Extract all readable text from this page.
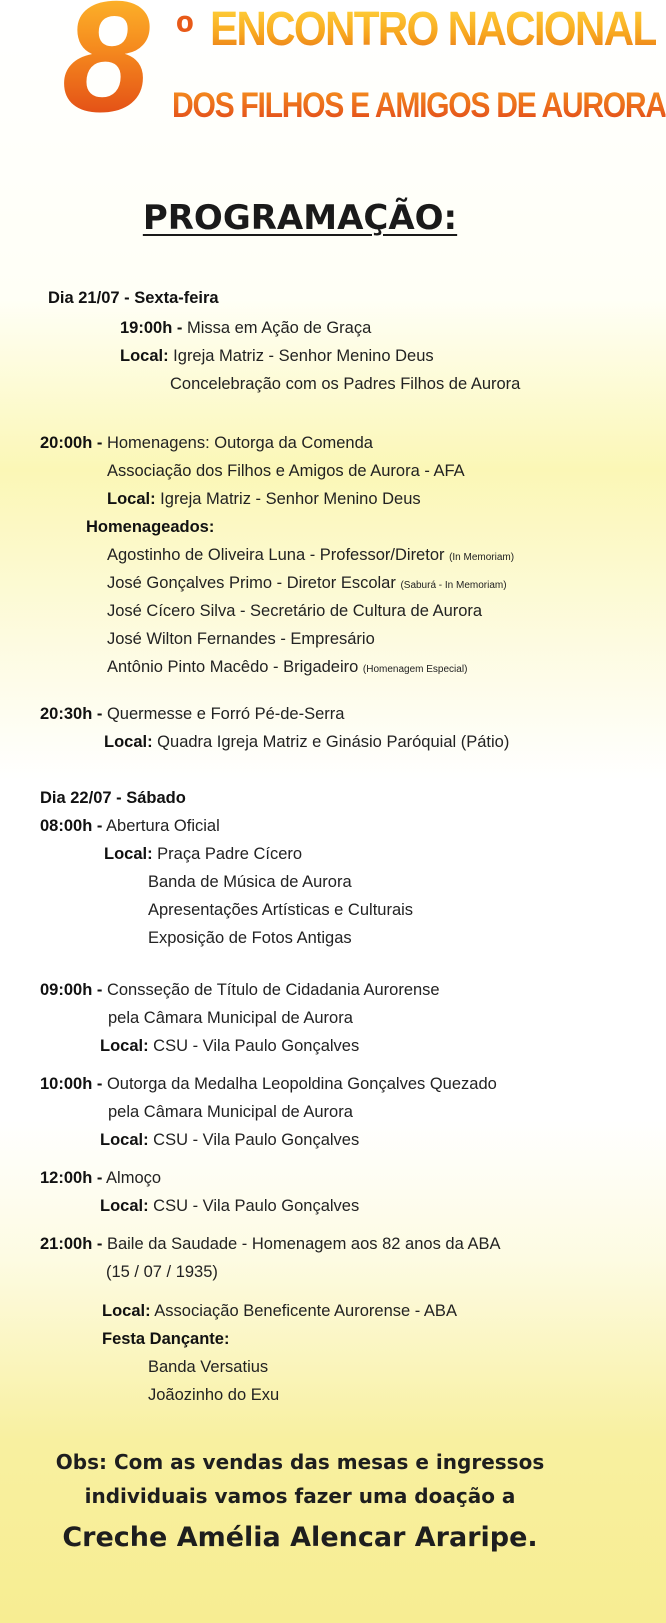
8 º ENCONTRO NACIONAL
DOS FILHOS E AMIGOS DE AURORA
PROGRAMAÇÃO:
Dia 21/07 - Sexta-feira
19:00h - Missa em Ação de Graça
Local: Igreja Matriz - Senhor Menino Deus
Concelebração com os Padres Filhos de Aurora
20:00h - Homenagens: Outorga da Comenda
Associação dos Filhos e Amigos de Aurora - AFA
Local: Igreja Matriz - Senhor Menino Deus
Homenageados:
Agostinho de Oliveira Luna - Professor/Diretor (In Memoriam)
José Gonçalves Primo - Diretor Escolar (Saburá - In Memoriam)
José Cícero Silva - Secretário de Cultura de Aurora
José Wilton Fernandes - Empresário
Antônio Pinto Macêdo - Brigadeiro (Homenagem Especial)
20:30h - Quermesse e Forró Pé-de-Serra
Local: Quadra Igreja Matriz e Ginásio Paróquial (Pátio)
Dia 22/07 - Sábado
08:00h - Abertura Oficial
Local: Praça Padre Cícero
Banda de Música de Aurora
Apresentações Artísticas e Culturais
Exposição de Fotos Antigas
09:00h - Consseção de Título de Cidadania Aurorense
pela Câmara Municipal de Aurora
Local: CSU - Vila Paulo Gonçalves
10:00h - Outorga da Medalha Leopoldina Gonçalves Quezado
pela Câmara Municipal de Aurora
Local: CSU - Vila Paulo Gonçalves
12:00h - Almoço
Local: CSU - Vila Paulo Gonçalves
21:00h - Baile da Saudade - Homenagem aos 82 anos da ABA
(15 / 07 / 1935)
Local: Associação Beneficente Aurorense - ABA
Festa Dançante:
Banda Versatius
Joãozinho do Exu
Obs: Com as vendas das mesas e ingressos
individuais vamos fazer uma doação a
Creche Amélia Alencar Araripe.
